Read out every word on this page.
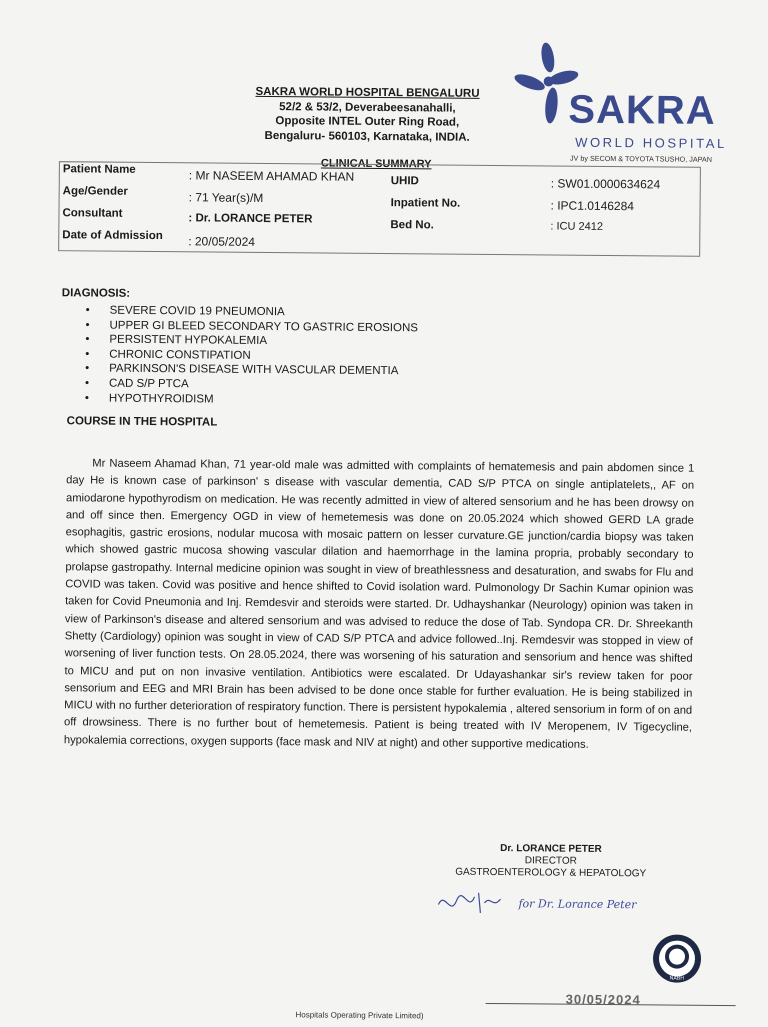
SAKRA WORLD HOSPITAL BENGALURU
52/2 & 53/2, Deverabeesanahalli,
Opposite INTEL Outer Ring Road,
Bengaluru- 560103, Karnataka, INDIA.
SAKRA
WORLD HOSPITAL
JV by SECOM & TOYOTA TSUSHO, JAPAN
CLINICAL SUMMARY
Patient Name	: Mr NASEEM AHAMAD KHAN
Age/Gender	: 71 Year(s)/M
Consultant	: Dr. LORANCE PETER
Date of Admission : 20/05/2024
UHID	: SW01.0000634624
Inpatient No.	: IPC1.0146284
Bed No.	: ICU 2412
DIAGNOSIS:
• SEVERE COVID 19 PNEUMONIA
• UPPER GI BLEED SECONDARY TO GASTRIC EROSIONS
• PERSISTENT HYPOKALEMIA
• CHRONIC CONSTIPATION
• PARKINSON'S DISEASE WITH VASCULAR DEMENTIA
• CAD S/P PTCA
• HYPOTHYROIDISM
COURSE IN THE HOSPITAL

Mr Naseem Ahamad Khan, 71 year-old male was admitted with complaints of hematemesis and pain abdomen since 1 day He is known case of parkinson' s disease with vascular dementia, CAD S/P PTCA on single antiplatelets,, AF on amiodarone hypothyrodism on medication. He was recently admitted in view of altered sensorium and he has been drowsy on and off since then. Emergency OGD in view of hemetemesis was done on 20.05.2024 which showed GERD LA grade esophagitis, gastric erosions, nodular mucosa with mosaic pattern on lesser curvature.GE junction/cardia biopsy was taken which showed gastric mucosa showing vascular dilation and haemorrhage in the lamina propria, probably secondary to prolapse gastropathy. Internal medicine opinion was sought in view of breathlessness and desaturation, and swabs for Flu and COVID was taken. Covid was positive and hence shifted to Covid isolation ward. Pulmonology Dr Sachin Kumar opinion was taken for Covid Pneumonia and Inj. Remdesvir and steroids were started. Dr. Udhayshankar (Neurology) opinion was taken in view of Parkinson's disease and altered sensorium and was advised to reduce the dose of Tab. Syndopa CR. Dr. Shreekanth Shetty (Cardiology) opinion was sought in view of CAD S/P PTCA and advice followed..Inj. Remdesvir was stopped in view of worsening of liver function tests. On 28.05.2024, there was worsening of his saturation and sensorium and hence was shifted to MICU and put on non invasive ventilation. Antibiotics were escalated. Dr Udayashankar sir's review taken for poor sensorium and EEG and MRI Brain has been advised to be done once stable for further evaluation. He is being stabilized in MICU with no further deterioration of respiratory function. There is persistent hypokalemia , altered sensorium in form of on and off drowsiness. There is no further bout of hemetemesis. Patient is being treated with IV Meropenem, IV Tigecycline, hypokalemia corrections, oxygen supports (face mask and NIV at night) and other supportive medications.

Dr. LORANCE PETER
DIRECTOR
GASTROENTEROLOGY & HEPATOLOGY
for Dr. Lorance Peter
NABH
30/05/2024
Hospitals Operating Private Limited)
